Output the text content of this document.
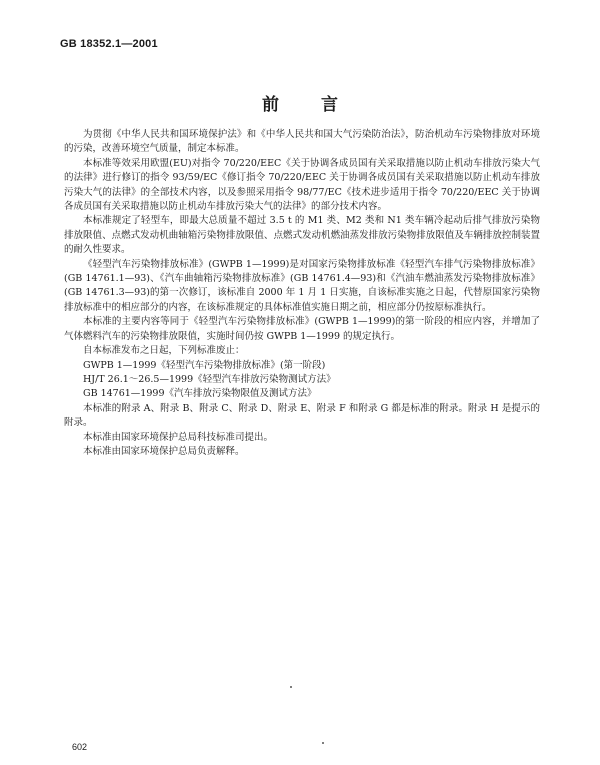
GB 18352.1—2001
前 言

为贯彻《中华人民共和国环境保护法》和《中华人民共和国大气污染防治法》，防治机动车污染物排放对环境的污染，改善环境空气质量，制定本标准。

本标准等效采用欧盟(EU)对指令 70/220/EEC《关于协调各成员国有关采取措施以防止机动车排放污染大气的法律》进行修订的指令 93/59/EC《修订指令 70/220/EEC 关于协调各成员国有关采取措施以防止机动车排放污染大气的法律》的全部技术内容，以及参照采用指令 98/77/EC《技术进步适用于指令 70/220/EEC 关于协调各成员国有关采取措施以防止机动车排放污染大气的法律》的部分技术内容。

本标准规定了轻型车，即最大总质量不超过 3.5 t 的 M1 类、M2 类和 N1 类车辆冷起动后排气排放污染物排放限值、点燃式发动机曲轴箱污染物排放限值、点燃式发动机燃油蒸发排放污染物排放限值及车辆排放控制装置的耐久性要求。

《轻型汽车污染物排放标准》(GWPB 1—1999)是对国家污染物排放标准《轻型汽车排气污染物排放标准》(GB 14761.1—93)、《汽车曲轴箱污染物排放标准》(GB 14761.4—93)和《汽油车燃油蒸发污染物排放标准》(GB 14761.3—93)的第一次修订，该标准自 2000 年 1 月 1 日实施，自该标准实施之日起，代替原国家污染物排放标准中的相应部分的内容，在该标准规定的具体标准值实施日期之前，相应部分仍按原标准执行。

本标准的主要内容等同于《轻型汽车污染物排放标准》(GWPB 1—1999)的第一阶段的相应内容，并增加了气体燃料汽车的污染物排放限值，实施时间仍按 GWPB 1—1999 的规定执行。

自本标准发布之日起，下列标准废止：

GWPB 1—1999《轻型汽车污染物排放标准》(第一阶段)

HJ/T 26.1～26.5—1999《轻型汽车排放污染物测试方法》

GB 14761—1999《汽车排放污染物限值及测试方法》

本标准的附录 A、附录 B、附录 C、附录 D、附录 E、附录 F 和附录 G 都是标准的附录。附录 H 是提示的附录。

本标准由国家环境保护总局科技标准司提出。

本标准由国家环境保护总局负责解释。

602
